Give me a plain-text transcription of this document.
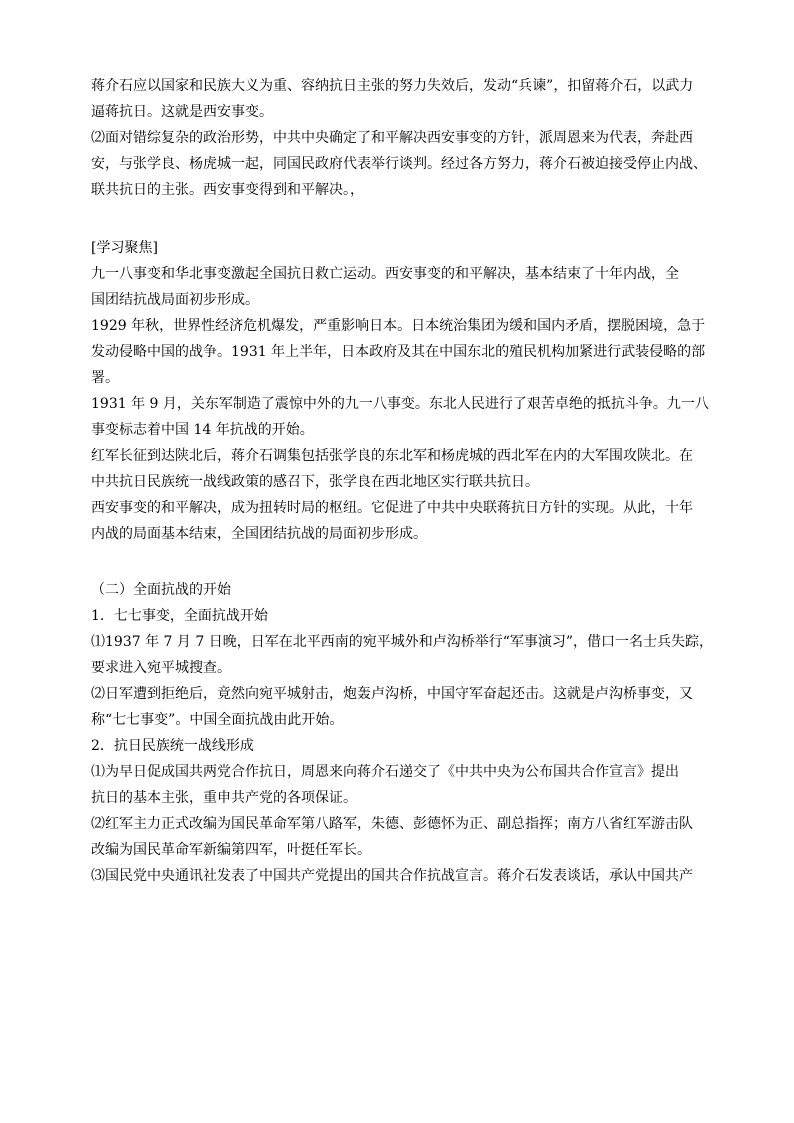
蒋介石应以国家和民族大义为重、容纳抗日主张的努力失效后，发动“兵谏”，扣留蒋介石，以武力
逼蒋抗日。这就是西安事变。
⑵面对错综复杂的政治形势，中共中央确定了和平解决西安事变的方针，派周恩来为代表，奔赴西
安，与张学良、杨虎城一起，同国民政府代表举行谈判。经过各方努力，蒋介石被迫接受停止内战、
联共抗日的主张。西安事变得到和平解决。，
[学习聚焦]
九一八事变和华北事变激起全国抗日救亡运动。西安事变的和平解决，基本结束了十年内战，全
国团结抗战局面初步形成。
1929 年秋，世界性经济危机爆发，严重影响日本。日本统治集团为缓和国内矛盾，摆脱困境，急于
发动侵略中国的战争。1931 年上半年，日本政府及其在中国东北的殖民机构加紧进行武装侵略的部
署。
1931 年 9 月，关东军制造了震惊中外的九一八事变。东北人民进行了艰苦卓绝的抵抗斗争。九一八
事变标志着中国 14 年抗战的开始。
红军长征到达陕北后，蒋介石调集包括张学良的东北军和杨虎城的西北军在内的大军围攻陕北。在
中共抗日民族统一战线政策的感召下，张学良在西北地区实行联共抗日。
西安事变的和平解决，成为扭转时局的枢纽。它促进了中共中央联蒋抗日方针的实现。从此，十年
内战的局面基本结束，全国团结抗战的局面初步形成。
（二）全面抗战的开始
1．七七事变，全面抗战开始
⑴1937 年 7 月 7 日晚，日军在北平西南的宛平城外和卢沟桥举行“军事演习”，借口一名士兵失踪，
要求进入宛平城搜查。
⑵日军遭到拒绝后，竟然向宛平城射击，炮轰卢沟桥，中国守军奋起还击。这就是卢沟桥事变，又
称“七七事变”。中国全面抗战由此开始。
2．抗日民族统一战线形成
⑴为早日促成国共两党合作抗日，周恩来向蒋介石递交了《中共中央为公布国共合作宣言》提出
抗日的基本主张，重申共产党的各项保证。
⑵红军主力正式改编为国民革命军第八路军，朱德、彭德怀为正、副总指挥；南方八省红军游击队
改编为国民革命军新编第四军，叶挺任军长。
⑶国民党中央通讯社发表了中国共产党提出的国共合作抗战宣言。蒋介石发表谈话，承认中国共产
